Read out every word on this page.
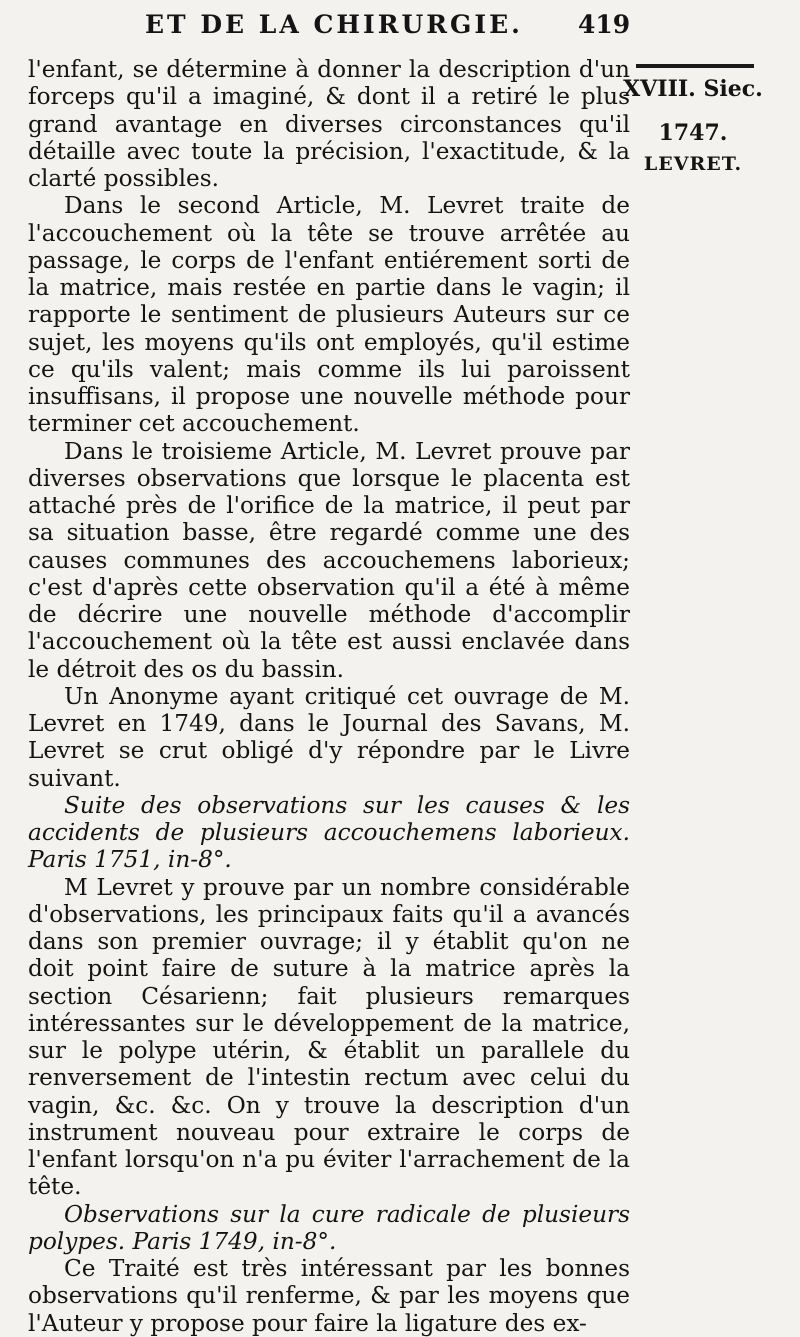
ET DE LA CHIRURGIE. 419
XVIII. Siec.
1747.
LEVRET.

l'enfant, se détermine à donner la description d'un forceps qu'il a imaginé, & dont il a retiré le plus grand avantage en diverses circonstances qu'il détaille avec toute la précision, l'exactitude, & la clarté possibles.

Dans le second Article, M. Levret traite de l'accouchement où la tête se trouve arrêtée au passage, le corps de l'enfant entiérement sorti de la matrice, mais restée en partie dans le vagin; il rapporte le sentiment de plusieurs Auteurs sur ce sujet, les moyens qu'ils ont employés, qu'il estime ce qu'ils valent; mais comme ils lui paroissent insuffisans, il propose une nouvelle méthode pour terminer cet accouchement.

Dans le troisieme Article, M. Levret prouve par diverses observations que lorsque le placenta est attaché près de l'orifice de la matrice, il peut par sa situation basse, être regardé comme une des causes communes des accouchemens laborieux; c'est d'après cette observation qu'il a été à même de décrire une nouvelle méthode d'accomplir l'accouchement où la tête est aussi enclavée dans le détroit des os du bassin.

Un Anonyme ayant critiqué cet ouvrage de M. Levret en 1749, dans le Journal des Savans, M. Levret se crut obligé d'y répondre par le Livre suivant.

Suite des observations sur les causes & les accidents de plusieurs accouchemens laborieux. Paris 1751, in-8°.

M Levret y prouve par un nombre considérable d'observations, les principaux faits qu'il a avancés dans son premier ouvrage; il y établit qu'on ne doit point faire de suture à la matrice après la section Césarienn; fait plusieurs remarques intéressantes sur le développement de la matrice, sur le polype utérin, & établit un parallele du renversement de l'intestin rectum avec celui du vagin, &c. &c. On y trouve la description d'un instrument nouveau pour extraire le corps de l'enfant lorsqu'on n'a pu éviter l'arrachement de la tête.

Observations sur la cure radicale de plusieurs polypes. Paris 1749, in-8°.

Ce Traité est très intéressant par les bonnes observations qu'il renferme, & par les moyens que l'Auteur y propose pour faire la ligature des ex-
